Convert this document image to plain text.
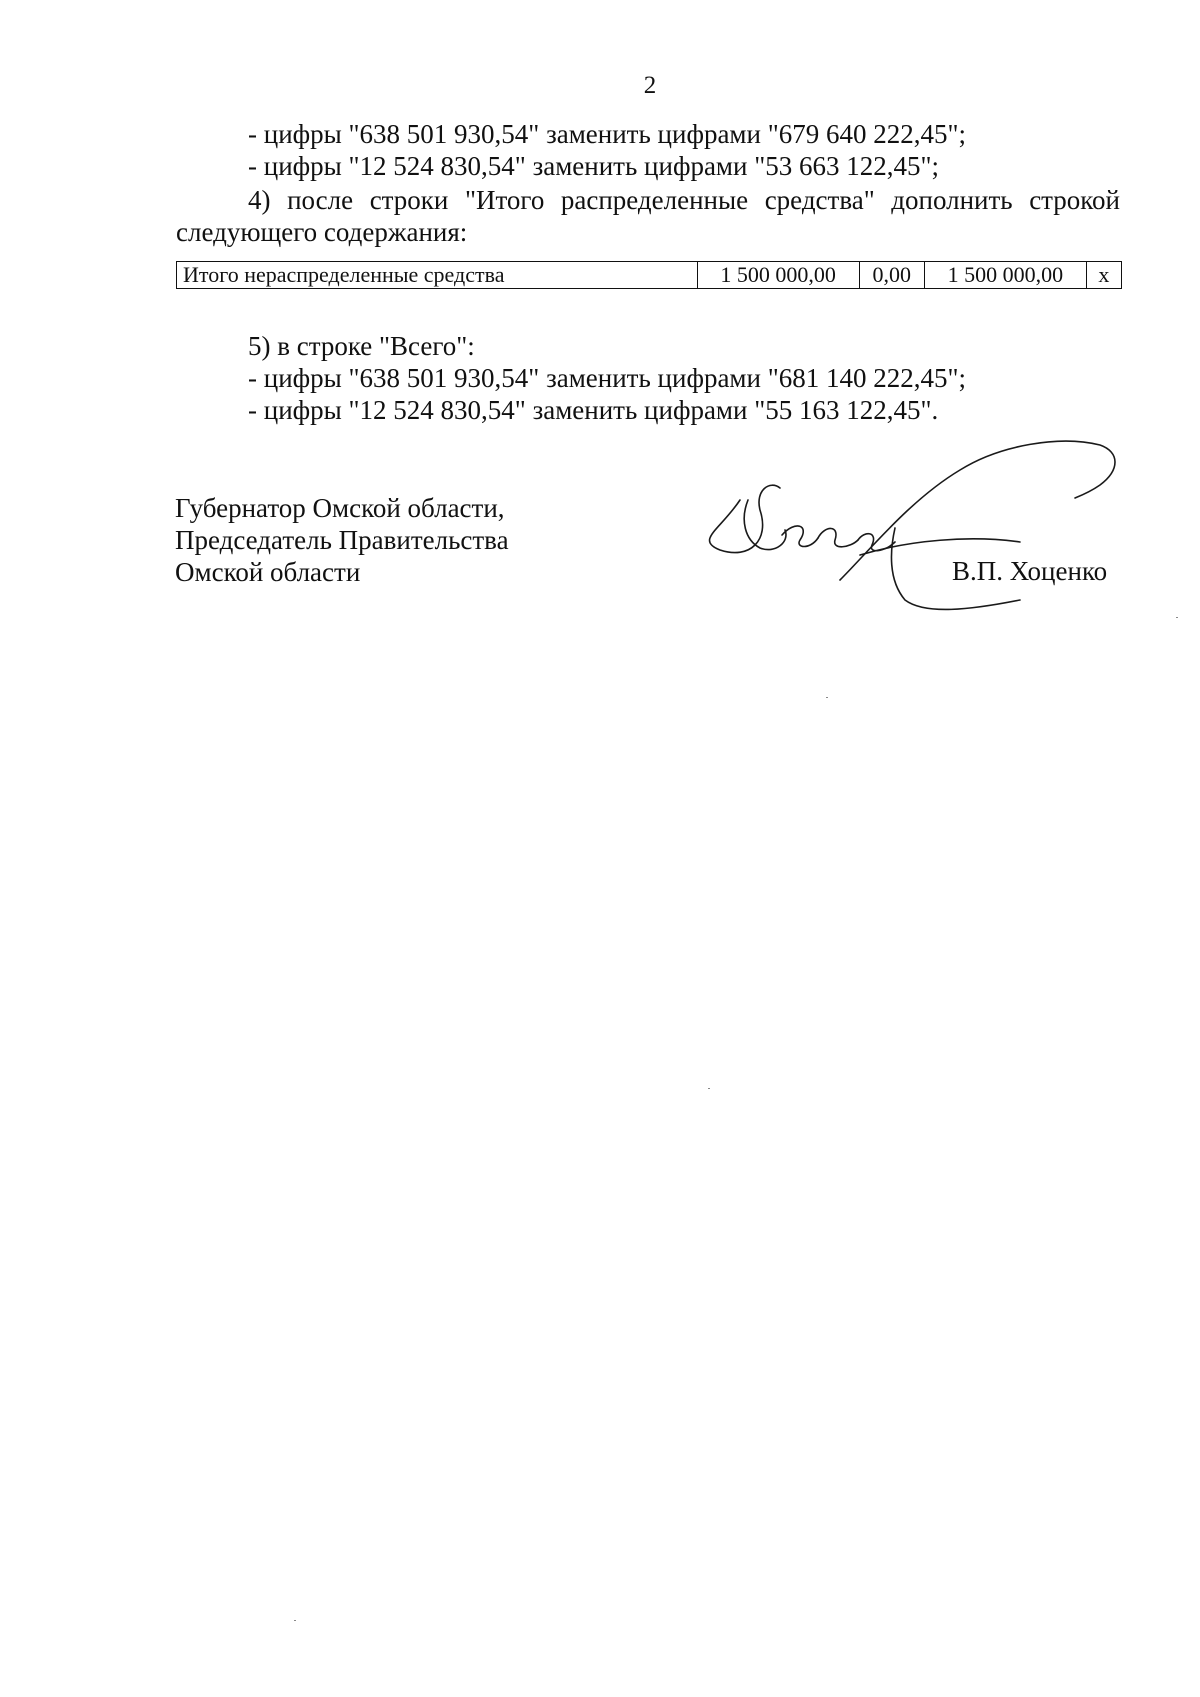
2
- цифры "638 501 930,54" заменить цифрами "679 640 222,45";
- цифры "12 524 830,54" заменить цифрами "53 663 122,45";
4) после строки "Итого распределенные средства" дополнить строкой следующего содержания:
Итого нераспределенные средства	1 500 000,00	0,00	1 500 000,00	х
5) в строке "Всего":
- цифры "638 501 930,54" заменить цифрами "681 140 222,45";
- цифры "12 524 830,54" заменить цифрами "55 163 122,45".
Губернатор Омской области,
Председатель Правительства
Омской области	В.П. Хоценко
